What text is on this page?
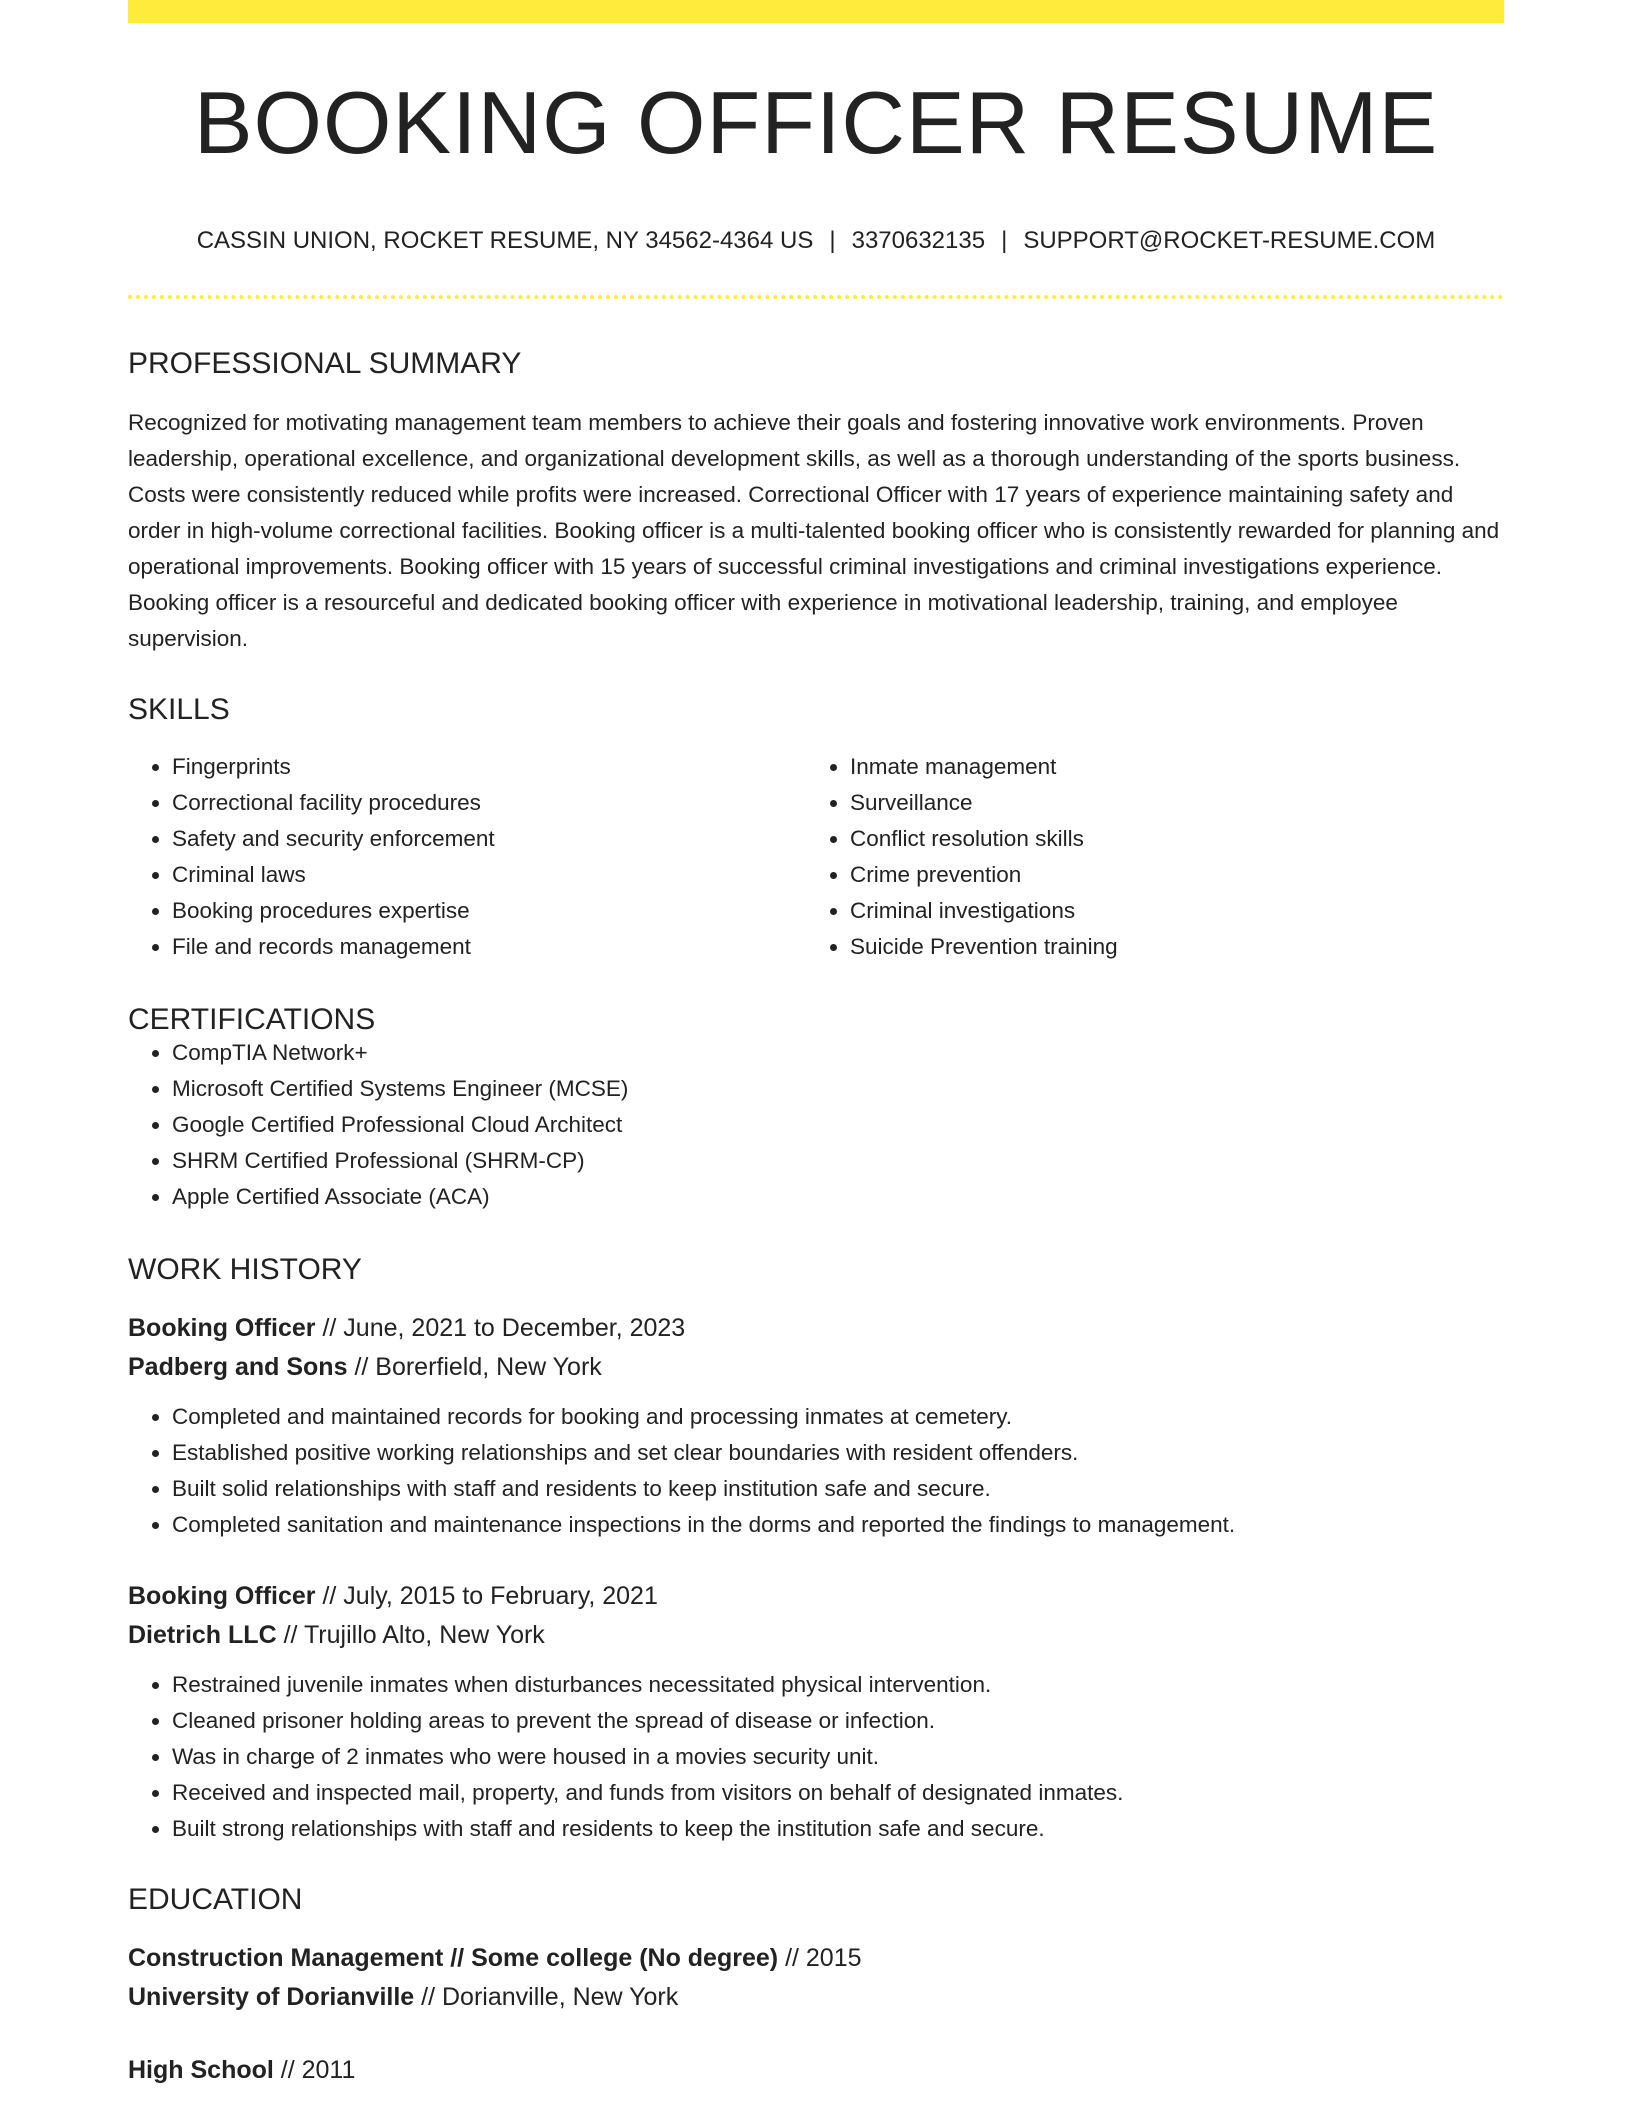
BOOKING OFFICER RESUME
CASSIN UNION, ROCKET RESUME, NY 34562-4364 US | 3370632135 | SUPPORT@ROCKET-RESUME.COM
PROFESSIONAL SUMMARY

Recognized for motivating management team members to achieve their goals and fostering innovative work environments. Proven leadership, operational excellence, and organizational development skills, as well as a thorough understanding of the sports business. Costs were consistently reduced while profits were increased. Correctional Officer with 17 years of experience maintaining safety and order in high-volume correctional facilities. Booking officer is a multi-talented booking officer who is consistently rewarded for planning and operational improvements. Booking officer with 15 years of successful criminal investigations and criminal investigations experience. Booking officer is a resourceful and dedicated booking officer with experience in motivational leadership, training, and employee supervision.

SKILLS
• Fingerprints
• Correctional facility procedures
• Safety and security enforcement
• Criminal laws
• Booking procedures expertise
• File and records management
• Inmate management
• Surveillance
• Conflict resolution skills
• Crime prevention
• Criminal investigations
• Suicide Prevention training
CERTIFICATIONS
• CompTIA Network+
• Microsoft Certified Systems Engineer (MCSE)
• Google Certified Professional Cloud Architect
• SHRM Certified Professional (SHRM-CP)
• Apple Certified Associate (ACA)
WORK HISTORY
Booking Officer // June, 2021 to December, 2023
Padberg and Sons // Borerfield, New York
• Completed and maintained records for booking and processing inmates at cemetery.
• Established positive working relationships and set clear boundaries with resident offenders.
• Built solid relationships with staff and residents to keep institution safe and secure.
• Completed sanitation and maintenance inspections in the dorms and reported the findings to management.
Booking Officer // July, 2015 to February, 2021
Dietrich LLC // Trujillo Alto, New York
• Restrained juvenile inmates when disturbances necessitated physical intervention.
• Cleaned prisoner holding areas to prevent the spread of disease or infection.
• Was in charge of 2 inmates who were housed in a movies security unit.
• Received and inspected mail, property, and funds from visitors on behalf of designated inmates.
• Built strong relationships with staff and residents to keep the institution safe and secure.
EDUCATION
Construction Management // Some college (No degree) // 2015
University of Dorianville // Dorianville, New York
High School // 2011
